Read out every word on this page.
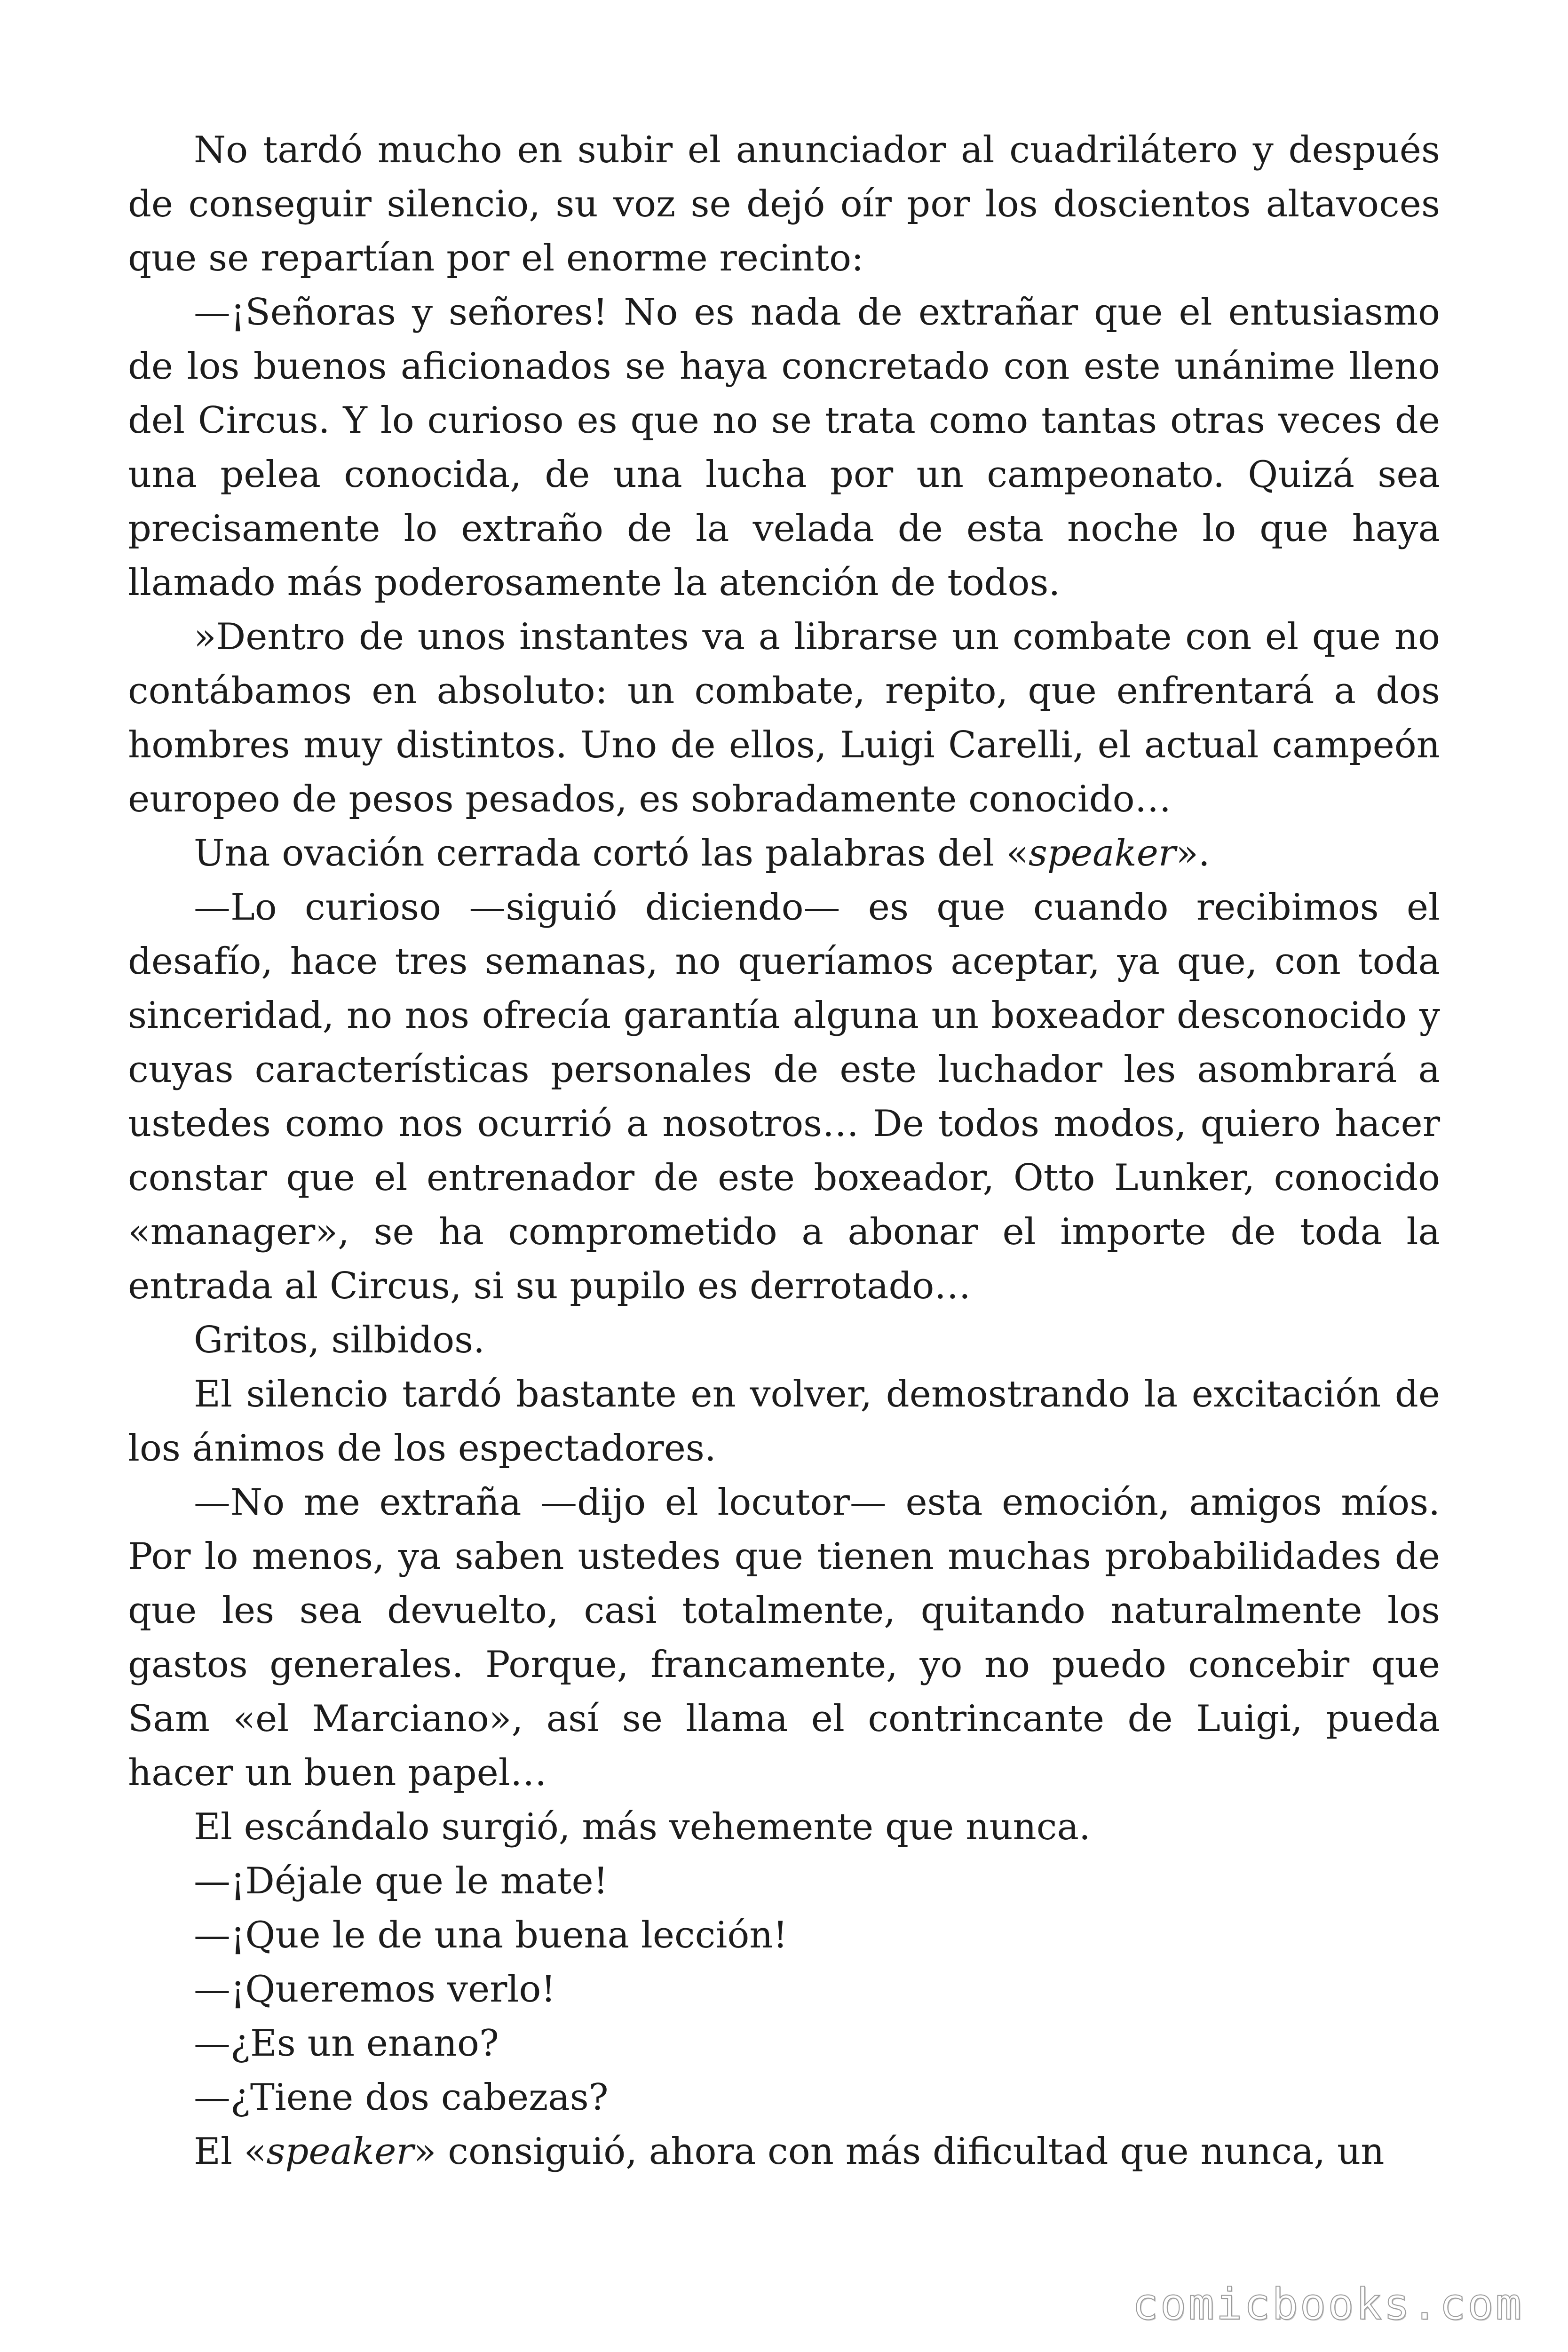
No tardó mucho en subir el anunciador al cuadrilátero y después de conseguir silencio, su voz se dejó oír por los doscientos altavoces que se repartían por el enorme recinto:

—¡Señoras y señores! No es nada de extrañar que el entusiasmo de los buenos aficionados se haya concretado con este unánime lleno del Circus. Y lo curioso es que no se trata como tantas otras veces de una pelea conocida, de una lucha por un campeonato. Quizá sea precisamente lo extraño de la velada de esta noche lo que haya llamado más poderosamente la atención de todos.

»Dentro de unos instantes va a librarse un combate con el que no contábamos en absoluto: un combate, repito, que enfrentará a dos hombres muy distintos. Uno de ellos, Luigi Carelli, el actual campeón europeo de pesos pesados, es sobradamente conocido…

Una ovación cerrada cortó las palabras del «speaker».

—Lo curioso —siguió diciendo— es que cuando recibimos el desafío, hace tres semanas, no queríamos aceptar, ya que, con toda sinceridad, no nos ofrecía garantía alguna un boxeador desconocido y cuyas características personales de este luchador les asombrará a ustedes como nos ocurrió a nosotros… De todos modos, quiero hacer constar que el entrenador de este boxeador, Otto Lunker, conocido «manager», se ha comprometido a abonar el importe de toda la entrada al Circus, si su pupilo es derrotado…

Gritos, silbidos.

El silencio tardó bastante en volver, demostrando la excitación de los ánimos de los espectadores.

—No me extraña —dijo el locutor— esta emoción, amigos míos. Por lo menos, ya saben ustedes que tienen muchas probabilidades de que les sea devuelto, casi totalmente, quitando naturalmente los gastos generales. Porque, francamente, yo no puedo concebir que Sam «el Marciano», así se llama el contrincante de Luigi, pueda hacer un buen papel…

El escándalo surgió, más vehemente que nunca.

—¡Déjale que le mate!

—¡Que le de una buena lección!

—¡Queremos verlo!

—¿Es un enano?

—¿Tiene dos cabezas?

El «speaker» consiguió, ahora con más dificultad que nunca, un

comicbooks.com
